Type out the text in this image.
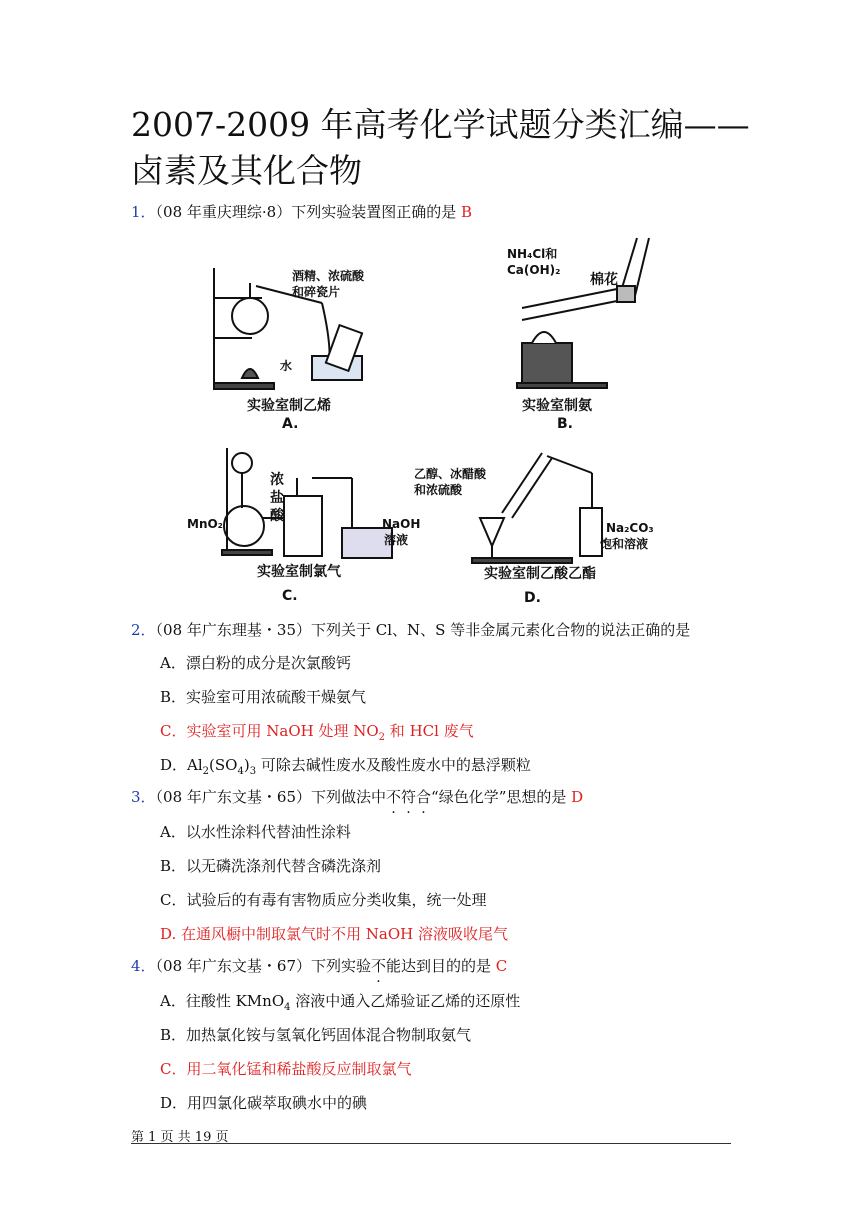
2007-2009 年高考化学试题分类汇编——卤素及其化合物
1．（08 年重庆理综·8）下列实验装置图正确的是 B
酒精、浓硫酸
和碎瓷片
水
实验室制乙烯
A.
NH₄Cl和
Ca(OH)₂
棉花
实验室制氨
B.
浓
盐
酸
MnO₂	NaOH
溶液
实验室制氯气
C.
乙醇、冰醋酸
和浓硫酸
Na₂CO₃
饱和溶液
实验室制乙酸乙酯
D.
2．（08 年广东理基・35）下列关于 Cl、N、S 等非金属元素化合物的说法正确的是
A．漂白粉的成分是次氯酸钙
B．实验室可用浓硫酸干燥氨气
C．实验室可用 NaOH 处理 $NO_2$ 和 HCl 废气
D．$Al_2(SO_4)_3$ 可除去碱性废水及酸性废水中的悬浮颗粒
3．（08 年广东文基・65）下列做法中不符合“绿色化学”思想的是 D
A．以水性涂料代替油性涂料
B．以无磷洗涤剂代替含磷洗涤剂
C．试验后的有毒有害物质应分类收集，统一处理
D. 在通风橱中制取氯气时不用 NaOH 溶液吸收尾气
4．（08 年广东文基・67）下列实验不能达到目的的是 C
A．往酸性 KMnO$_4$ 溶液中通入乙烯验证乙烯的还原性
B．加热氯化铵与氢氧化钙固体混合物制取氨气
C．用二氧化锰和稀盐酸反应制取氯气
D．用四氯化碳萃取碘水中的碘
第 1 页 共 19 页
